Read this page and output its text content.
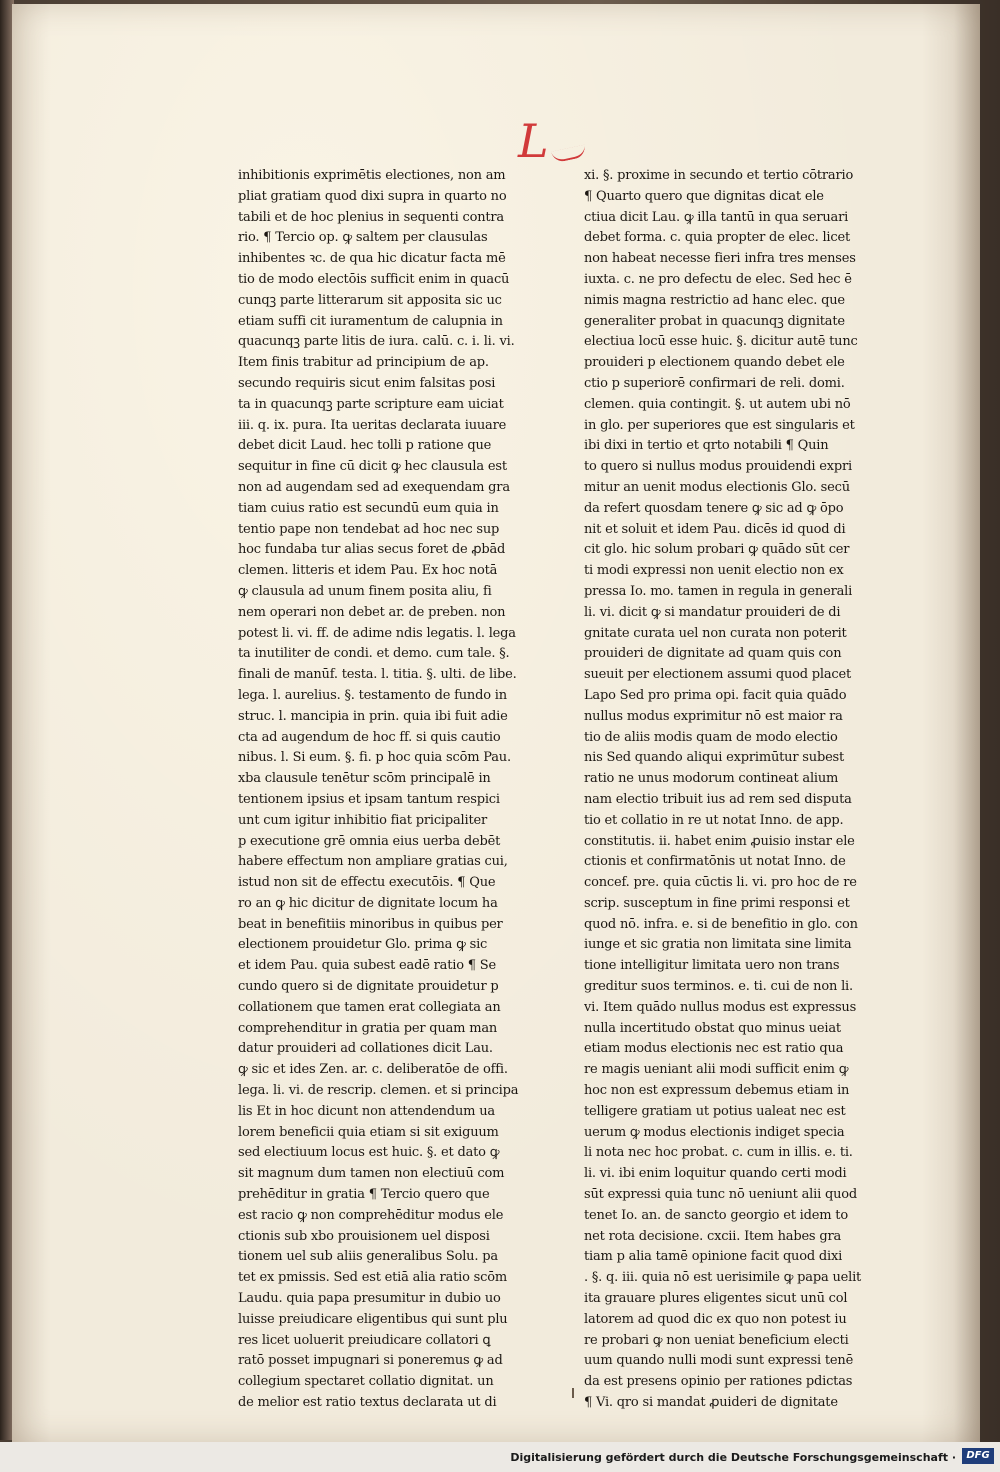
L
inhibitionis exprimētis electiones, non am
pliat gratiam quod dixi supra in quarto no
tabili et de hoc plenius in sequenti contra
rio. ¶ Tercio op. ꝙ saltem per clausulas
inhibentes ꝛc. de qua hic dicatur facta mē
tio de modo electōis sufficit enim in quacū
cunqꝫ parte litterarum sit apposita sic uc
etiam suffi cit iuramentum de calupnia in
quacunqꝫ parte litis de iura. calū. c. i. li. vi.
Item finis trabitur ad principium de ap.
secundo requiris sicut enim falsitas posi
ta in quacunqꝫ parte scripture eam uiciat
iii. q. ix. pura. Ita ueritas declarata iuuare
debet dicit Laud. hec tolli p ratione que
sequitur in fine cū dicit ꝙ hec clausula est
non ad augendam sed ad exequendam gra
tiam cuius ratio est secundū eum quia in
tentio pape non tendebat ad hoc nec sup
hoc fundaba tur alias secus foret de ꝓbād
clemen. litteris et idem Pau. Ex hoc notā
ꝙ clausula ad unum finem posita aliu, fi
nem operari non debet ar. de preben. non
potest li. vi. ff. de adime ndis legatis. l. lega
ta inutiliter de condi. et demo. cum tale. §.
finali de manūf. testa. l. titia. §. ulti. de libe.
lega. l. aurelius. §. testamento de fundo in
struc. l. mancipia in prin. quia ibi fuit adie
cta ad augendum de hoc ff. si quis cautio
nibus. l. Si eum. §. fi. p hoc quia scōm Pau.
xba clausule tenētur scōm principalē in
tentionem ipsius et ipsam tantum respici
unt cum igitur inhibitio fiat pricipaliter
p executione grē omnia eius uerba debēt
habere effectum non ampliare gratias cui,
istud non sit de effectu executōis. ¶ Que
ro an ꝙ hic dicitur de dignitate locum ha
beat in benefitiis minoribus in quibus per
electionem prouidetur Glo. prima ꝙ sic
et idem Pau. quia subest eadē ratio ¶ Se
cundo quero si de dignitate prouidetur p
collationem que tamen erat collegiata an
comprehenditur in gratia per quam man
datur prouideri ad collationes dicit Lau.
ꝙ sic et ides Zen. ar. c. deliberatōe de offi.
lega. li. vi. de rescrip. clemen. et si principa
lis Et in hoc dicunt non attendendum ua
lorem beneficii quia etiam si sit exiguum
sed electiuum locus est huic. §. et dato ꝙ
sit magnum dum tamen non electiuū com
prehēditur in gratia ¶ Tercio quero que
est racio ꝙ non comprehēditur modus ele
ctionis sub xbo prouisionem uel disposi
tionem uel sub aliis generalibus Solu. pa
tet ex pmissis. Sed est etiā alia ratio scōm
Laudu. quia papa presumitur in dubio uo
luisse preiudicare eligentibus qui sunt plu
res licet uoluerit preiudicare collatori ꝗ
ratō posset impugnari si poneremus ꝙ ad
collegium spectaret collatio dignitat. un
de melior est ratio textus declarata ut di
xi. §. proxime in secundo et tertio cōtrario
¶ Quarto quero que dignitas dicat ele
ctiua dicit Lau. ꝙ illa tantū in qua seruari
debet forma. c. quia propter de elec. licet
non habeat necesse fieri infra tres menses
iuxta. c. ne pro defectu de elec. Sed hec ē
nimis magna restrictio ad hanc elec. que
generaliter probat in quacunqꝫ dignitate
electiua locū esse huic. §. dicitur autē tunc
prouideri p electionem quando debet ele
ctio p superiorē confirmari de reli. domi.
clemen. quia contingit. §. ut autem ubi nō
in glo. per superiores que est singularis et
ibi dixi in tertio et qrto notabili ¶ Quin
to quero si nullus modus prouidendi expri
mitur an uenit modus electionis Glo. secū
da refert quosdam tenere ꝙ sic ad ꝙ ōpo
nit et soluit et idem Pau. dicēs id quod di
cit glo. hic solum probari ꝙ quādo sūt cer
ti modi expressi non uenit electio non ex
pressa Io. mo. tamen in regula in generali
li. vi. dicit ꝙ si mandatur prouideri de di
gnitate curata uel non curata non poterit
prouideri de dignitate ad quam quis con
sueuit per electionem assumi quod placet
Lapo Sed pro prima opi. facit quia quādo
nullus modus exprimitur nō est maior ra
tio de aliis modis quam de modo electio
nis Sed quando aliqui exprimūtur subest
ratio ne unus modorum contineat alium
nam electio tribuit ius ad rem sed disputa
tio et collatio in re ut notat Inno. de app.
constitutis. ii. habet enim ꝓuisio instar ele
ctionis et confirmatōnis ut notat Inno. de
concef. pre. quia cūctis li. vi. pro hoc de re
scrip. susceptum in fine primi responsi et
quod nō. infra. e. si de benefitio in glo. con
iunge et sic gratia non limitata sine limita
tione intelligitur limitata uero non trans
greditur suos terminos. e. ti. cui de non li.
vi. Item quādo nullus modus est expressus
nulla incertitudo obstat quo minus ueiat
etiam modus electionis nec est ratio qua
re magis ueniant alii modi sufficit enim ꝙ
hoc non est expressum debemus etiam in
telligere gratiam ut potius ualeat nec est
uerum ꝙ modus electionis indiget specia
li nota nec hoc probat. c. cum in illis. e. ti.
li. vi. ibi enim loquitur quando certi modi
sūt expressi quia tunc nō ueniunt alii quod
tenet Io. an. de sancto georgio et idem to
net rota decisione. cxcii. Item habes gra
tiam p alia tamē opinione facit quod dixi
. §. q. iii. quia nō est uerisimile ꝙ papa uelit
ita grauare plures eligentes sicut unū col
latorem ad quod dic ex quo non potest iu
re probari ꝙ non ueniat beneficium electi
uum quando nulli modi sunt expressi tenē
da est presens opinio per rationes pdictas
¶ Vi. qro si mandat ꝓuideri de dignitate
Digitalisierung gefördert durch die Deutsche Forschungsgemeinschaft ·	DFG
